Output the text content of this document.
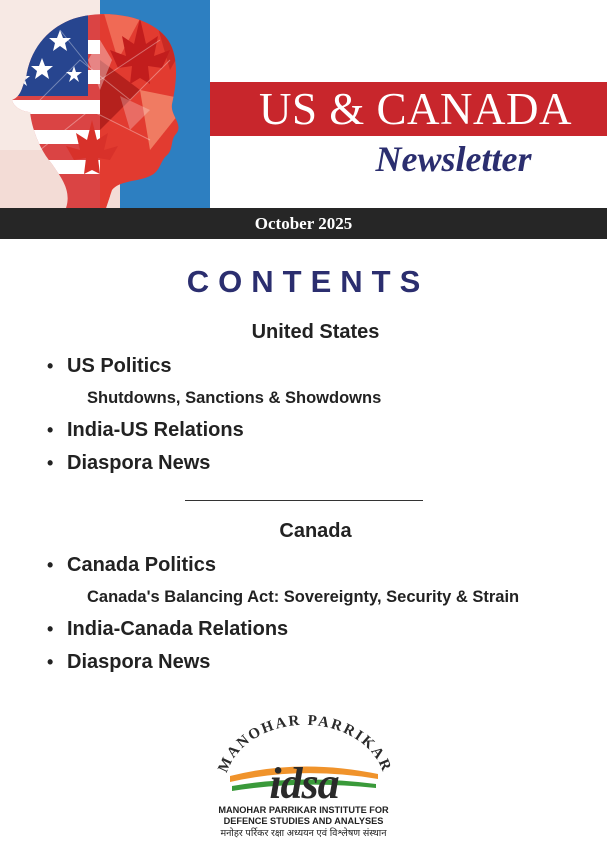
US & CANADA
Newsletter
October 2025
CONTENTS
United States
• US Politics
Shutdowns, Sanctions & Showdowns
• India-US Relations
• Diaspora News
Canada
• Canada Politics
Canada's Balancing Act: Sovereignty, Security & Strain
• India-Canada Relations
• Diaspora News
MANOHAR PARRIKAR
idsa
MANOHAR PARRIKAR INSTITUTE FOR
DEFENCE STUDIES AND ANALYSES
मनोहर पर्रिकर रक्षा अध्ययन एवं विश्लेषण संस्थान
